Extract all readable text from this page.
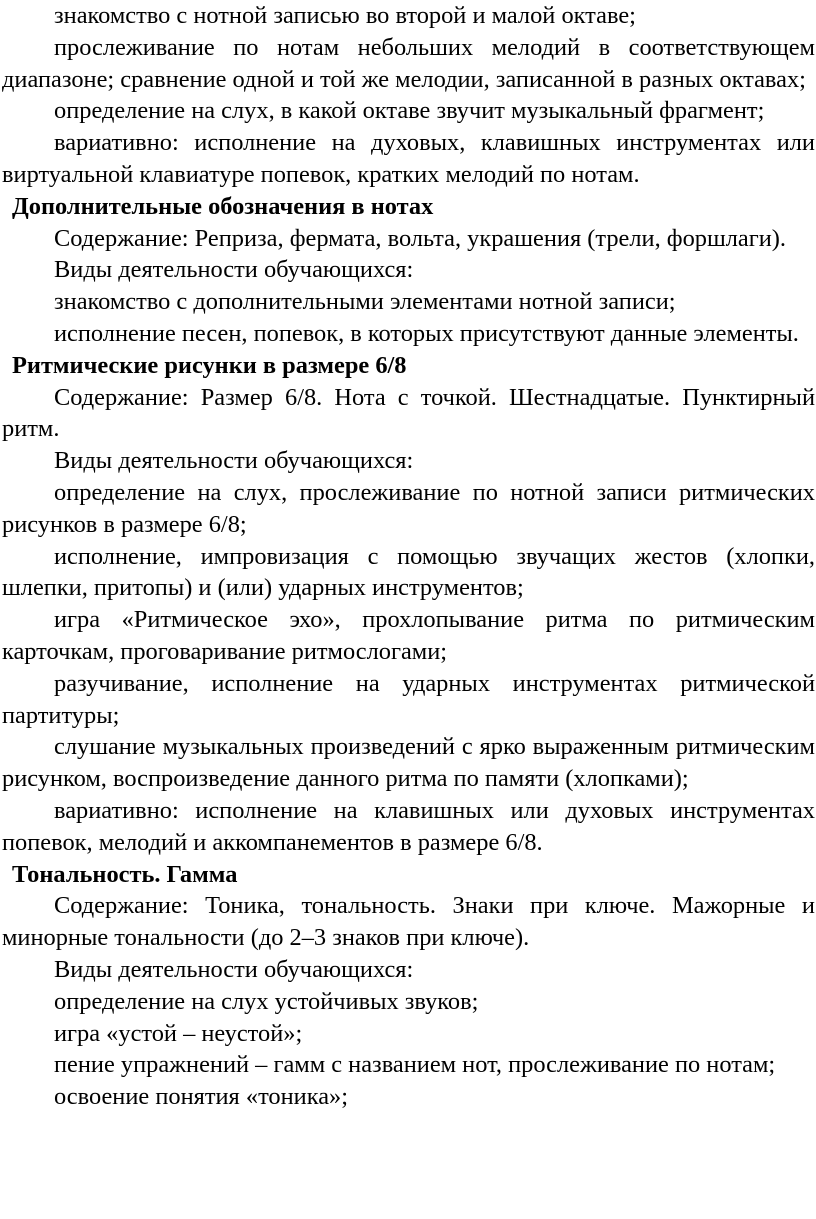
знакомство с нотной записью во второй и малой октаве;
прослеживание по нотам небольших мелодий в соответствующем диапазоне; сравнение одной и той же мелодии, записанной в разных октавах;
определение на слух, в какой октаве звучит музыкальный фрагмент;
вариативно: исполнение на духовых, клавишных инструментах или виртуальной клавиатуре попевок, кратких мелодий по нотам.
Дополнительные обозначения в нотах
Содержание: Реприза, фермата, вольта, украшения (трели, форшлаги).
Виды деятельности обучающихся:
знакомство с дополнительными элементами нотной записи;
исполнение песен, попевок, в которых присутствуют данные элементы.
Ритмические рисунки в размере 6/8
Содержание: Размер 6/8. Нота с точкой. Шестнадцатые. Пунктирный ритм.
Виды деятельности обучающихся:
определение на слух, прослеживание по нотной записи ритмических рисунков в размере 6/8;
исполнение, импровизация с помощью звучащих жестов (хлопки, шлепки, притопы) и (или) ударных инструментов;
игра «Ритмическое эхо», прохлопывание ритма по ритмическим карточкам, проговаривание ритмослогами;
разучивание, исполнение на ударных инструментах ритмической партитуры;
слушание музыкальных произведений с ярко выраженным ритмическим рисунком, воспроизведение данного ритма по памяти (хлопками);
вариативно: исполнение на клавишных или духовых инструментах попевок, мелодий и аккомпанементов в размере 6/8.
Тональность. Гамма
Содержание: Тоника, тональность. Знаки при ключе. Мажорные и минорные тональности (до 2–3 знаков при ключе).
Виды деятельности обучающихся:
определение на слух устойчивых звуков;
игра «устой – неустой»;
пение упражнений – гамм с названием нот, прослеживание по нотам;
освоение понятия «тоника»;
